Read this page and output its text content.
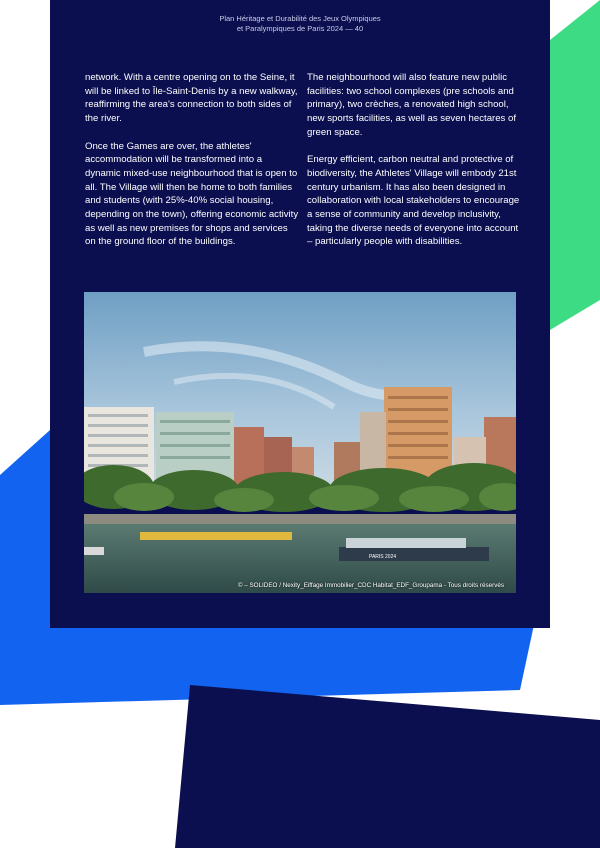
Plan Héritage et Durabilité des Jeux Olympiques
et Paralympiques de Paris 2024 — 40

network. With a centre opening on to the Seine, it will be linked to Île-Saint-Denis by a new walkway, reaffirming the area's connection to both sides of the river.

Once the Games are over, the athletes' accommodation will be transformed into a dynamic mixed-use neighbourhood that is open to all. The Village will then be home to both families and students (with 25%-40% social housing, depending on the town), offering economic activity as well as new premises for shops and services on the ground floor of the buildings.

The neighbourhood will also feature new public facilities: two school complexes (pre schools and primary), two crèches, a renovated high school, new sports facilities, as well as seven hectares of green space.

Energy efficient, carbon neutral and protective of biodiversity, the Athletes' Village will embody 21st century urbanism. It has also been designed in collaboration with local stakeholders to encourage a sense of community and develop inclusivity, taking the diverse needs of everyone into account – particularly people with disabilities.

PARIS 2024
© – SOLIDEO / Nexity_Eiffage Immobilier_CDC Habitat_EDF_Groupama - Tous droits réservés
